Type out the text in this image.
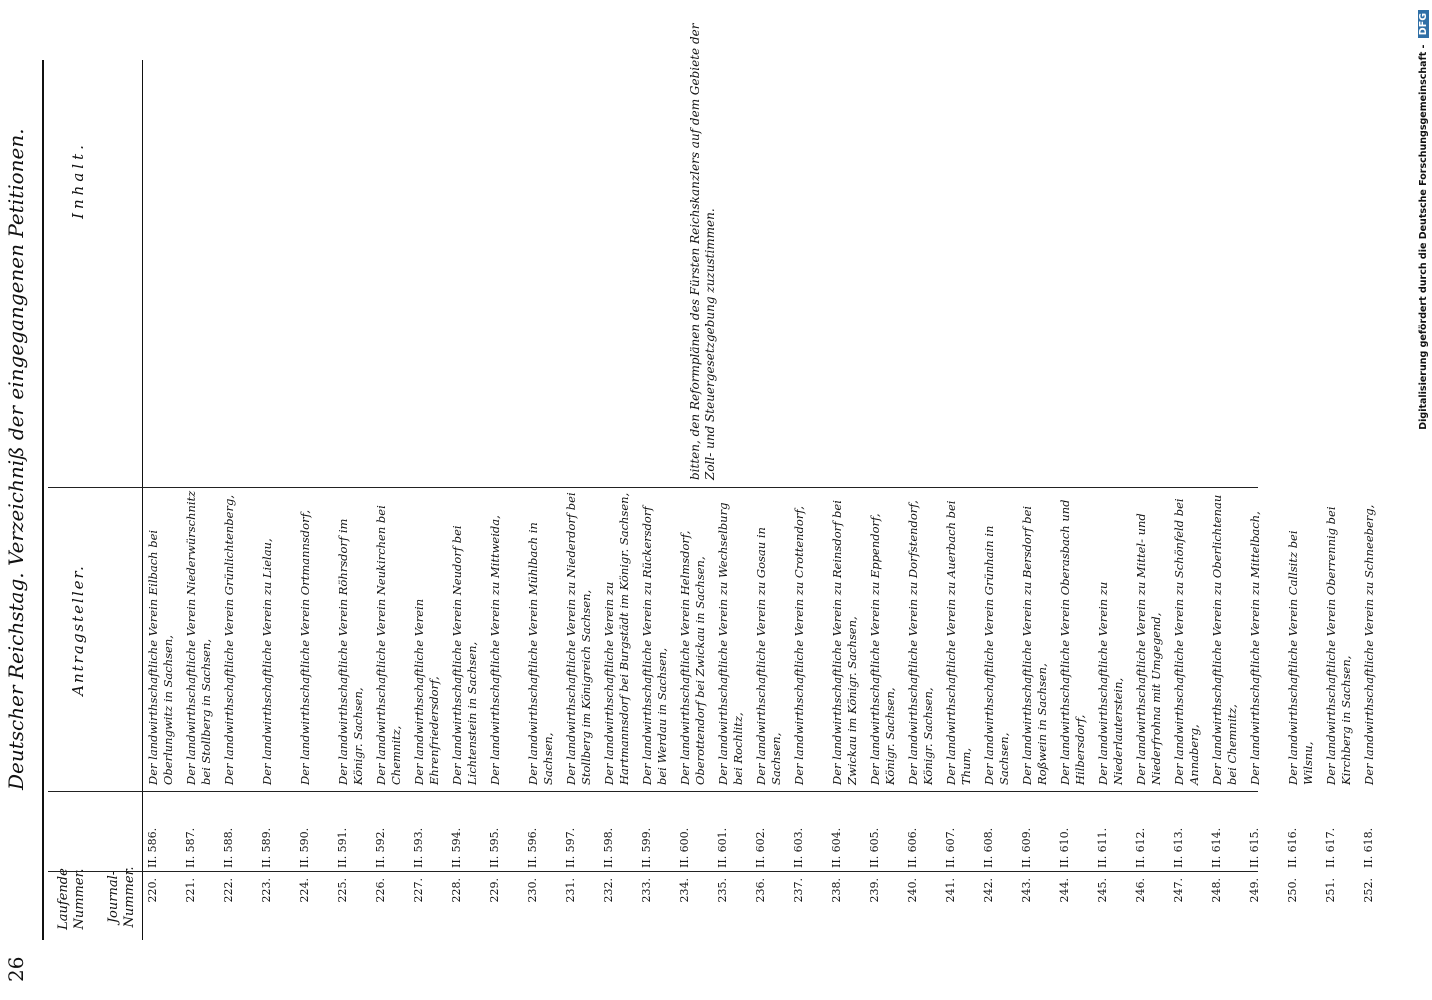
26
Deutscher Reichstag. Verzeichniß der eingegangenen Petitionen.
Laufende Nummer. Journal-Nummer.
Antragsteller.
Inhalt.
220.
II. 586.
Der landwirthschaftliche Verein Eilbach bei Oberlungwitz in Sachsen,
221.
II. 587.
Der landwirthschaftliche Verein Niederwürschnitz bei Stollberg in Sachsen,
222.
II. 588.
Der landwirthschaftliche Verein Grünlichtenberg,
223.
II. 589.
Der landwirthschaftliche Verein zu Lielau,
224.
II. 590.
Der landwirthschaftliche Verein Ortmannsdorf,
225.
II. 591.
Der landwirthschaftliche Verein Röhrsdorf im Königr. Sachsen,
226.
II. 592.
Der landwirthschaftliche Verein Neukirchen bei Chemnitz,
227.
II. 593.
Der landwirthschaftliche Verein Ehrenfriedersdorf,
228.
II. 594.
Der landwirthschaftliche Verein Neudorf bei Lichtenstein in Sachsen,
229.
II. 595.
Der landwirthschaftliche Verein zu Mittweida,
230.
II. 596.
Der landwirthschaftliche Verein Mühlbach in Sachsen,
231.
II. 597.
Der landwirthschaftliche Verein zu Niederdorf bei Stollberg im Königreich Sachsen,
232.
II. 598.
Der landwirthschaftliche Verein zu Hartmannsdorf bei Burgstädt im Königr. Sachsen,
233.
II. 599.
Der landwirthschaftliche Verein zu Rückersdorf bei Werdau in Sachsen,
234.
II. 600.
Der landwirthschaftliche Verein Helmsdorf, Oberottendorf bei Zwickau in Sachsen,
235.
II. 601.
Der landwirthschaftliche Verein zu Wechselburg bei Rochlitz,
236.
II. 602.
Der landwirthschaftliche Verein zu Gosau in Sachsen,
237.
II. 603.
Der landwirthschaftliche Verein zu Crottendorf,
238.
II. 604.
Der landwirthschaftliche Verein zu Reinsdorf bei Zwickau im Königr. Sachsen,
239.
II. 605.
Der landwirthschaftliche Verein zu Eppendorf, Königr. Sachsen,
240.
II. 606.
Der landwirthschaftliche Verein zu Dorfstendorf, Königr. Sachsen,
241.
II. 607.
Der landwirthschaftliche Verein zu Auerbach bei Thum,
242.
II. 608.
Der landwirthschaftliche Verein Grünhain in Sachsen,
243.
II. 609.
Der landwirthschaftliche Verein zu Bersdorf bei Roßwein in Sachsen,
244.
II. 610.
Der landwirthschaftliche Verein Oberasbach und Hilbersdorf,
245.
II. 611.
Der landwirthschaftliche Verein zu Niederlauterstein,
246.
II. 612.
Der landwirthschaftliche Verein zu Mittel- und Niederfrohna mit Umgegend,
247.
II. 613.
Der landwirthschaftliche Verein zu Schönfeld bei Annaberg,
248.
II. 614.
Der landwirthschaftliche Verein zu Oberlichtenau bei Chemnitz,
249.
II. 615.
Der landwirthschaftliche Verein zu Mittelbach,
250.
II. 616.
Der landwirthschaftliche Verein Callsitz bei Wilsnu,
251.
II. 617.
Der landwirthschaftliche Verein Oberrennig bei Kirchberg in Sachsen,
252.
II. 618.
Der landwirthschaftliche Verein zu Schneeberg,
bitten, den Reformplänen des Fürsten Reichskanzlers auf dem Gebiete der Zoll- und Steuergesetzgebung zuzustimmen.	Digitalisierung gefördert durch die Deutsche Forschungsgemeinschaft - DFG
